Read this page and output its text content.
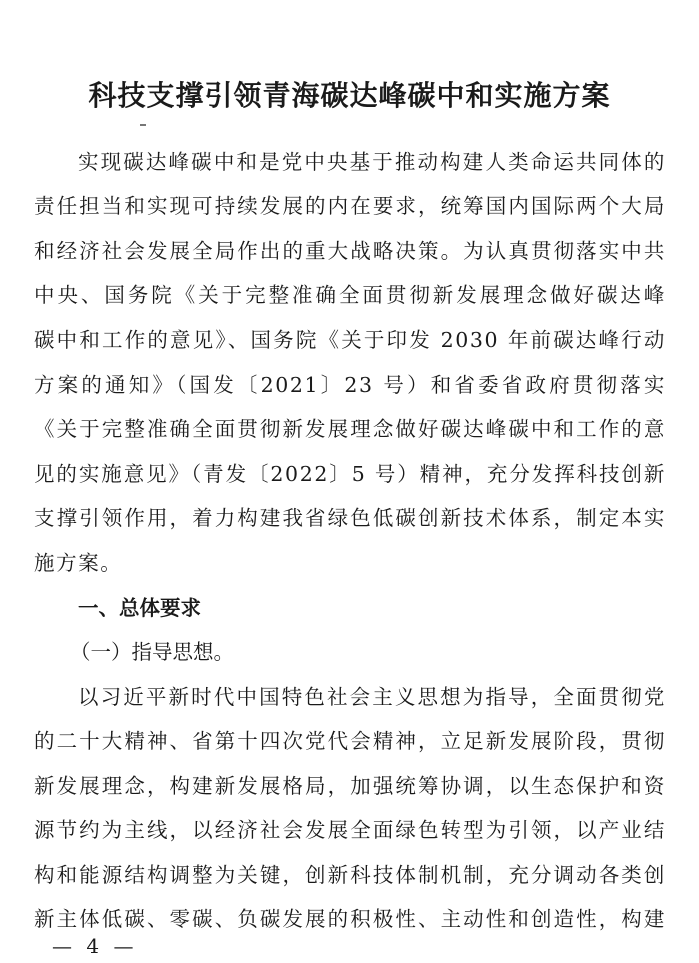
科技支撑引领青海碳达峰碳中和实施方案
实现碳达峰碳中和是党中央基于推动构建人类命运共同体的
责任担当和实现可持续发展的内在要求，统筹国内国际两个大局
和经济社会发展全局作出的重大战略决策。为认真贯彻落实中共
中央、国务院《关于完整准确全面贯彻新发展理念做好碳达峰
碳中和工作的意见》、国务院《关于印发 2030 年前碳达峰行动
方案的通知》（国发〔2021〕23 号）和省委省政府贯彻落实
《关于完整准确全面贯彻新发展理念做好碳达峰碳中和工作的意
见的实施意见》（青发〔2022〕5 号）精神，充分发挥科技创新
支撑引领作用，着力构建我省绿色低碳创新技术体系，制定本实
施方案。
一、总体要求
（一）指导思想。
以习近平新时代中国特色社会主义思想为指导，全面贯彻党
的二十大精神、省第十四次党代会精神，立足新发展阶段，贯彻
新发展理念，构建新发展格局，加强统筹协调，以生态保护和资
源节约为主线，以经济社会发展全面绿色转型为引领，以产业结
构和能源结构调整为关键，创新科技体制机制，充分调动各类创
新主体低碳、零碳、负碳发展的积极性、主动性和创造性，构建
— 4 —
